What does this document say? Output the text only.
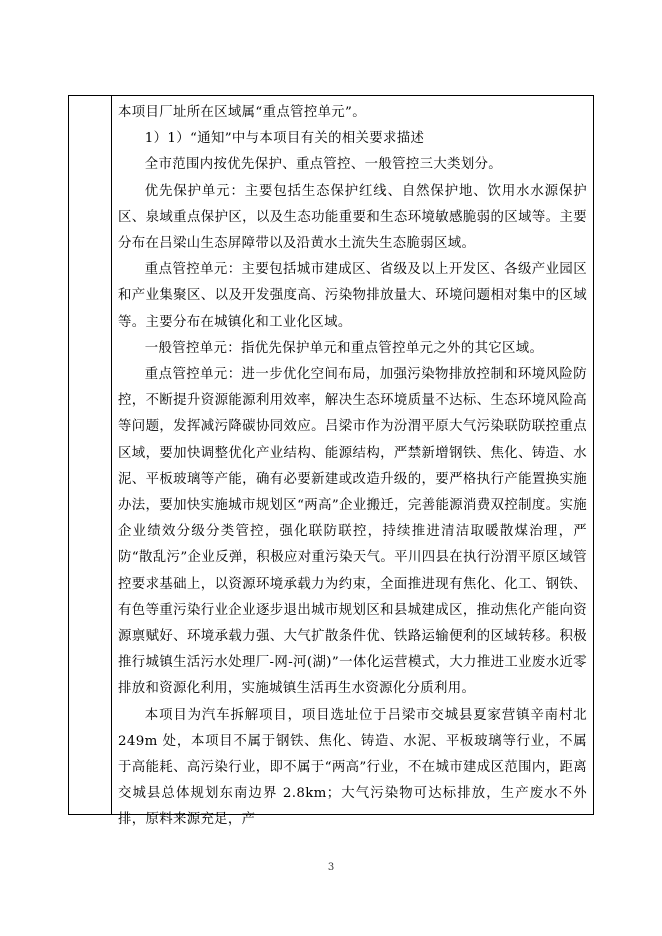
本项目厂址所在区域属“重点管控单元”。

1）1）“通知”中与本项目有关的相关要求描述

全市范围内按优先保护、重点管控、一般管控三大类划分。

优先保护单元：主要包括生态保护红线、自然保护地、饮用水水源保护区、泉域重点保护区，以及生态功能重要和生态环境敏感脆弱的区域等。主要分布在吕梁山生态屏障带以及沿黄水土流失生态脆弱区域。

重点管控单元：主要包括城市建成区、省级及以上开发区、各级产业园区和产业集聚区、以及开发强度高、污染物排放量大、环境问题相对集中的区域等。主要分布在城镇化和工业化区域。

一般管控单元：指优先保护单元和重点管控单元之外的其它区域。

重点管控单元：进一步优化空间布局，加强污染物排放控制和环境风险防控，不断提升资源能源利用效率，解决生态环境质量不达标、生态环境风险高等问题，发挥减污降碳协同效应。吕梁市作为汾渭平原大气污染联防联控重点区域，要加快调整优化产业结构、能源结构，严禁新增钢铁、焦化、铸造、水泥、平板玻璃等产能，确有必要新建或改造升级的，要严格执行产能置换实施办法，要加快实施城市规划区“两高”企业搬迁，完善能源消费双控制度。实施企业绩效分级分类管控，强化联防联控，持续推进清洁取暖散煤治理，严防“散乱污”企业反弹，积极应对重污染天气。平川四县在执行汾渭平原区域管控要求基础上，以资源环境承载力为约束，全面推进现有焦化、化工、钢铁、有色等重污染行业企业逐步退出城市规划区和县城建成区，推动焦化产能向资源禀赋好、环境承载力强、大气扩散条件优、铁路运输便利的区域转移。积极推行城镇生活污水处理厂-网-河(湖)”一体化运营模式，大力推进工业废水近零排放和资源化利用，实施城镇生活再生水资源化分质利用。

本项目为汽车拆解项目，项目选址位于吕梁市交城县夏家营镇辛南村北 249m 处，本项目不属于钢铁、焦化、铸造、水泥、平板玻璃等行业，不属于高能耗、高污染行业，即不属于“两高”行业，不在城市建成区范围内，距离交城县总体规划东南边界 2.8km；大气污染物可达标排放，生产废水不外排，原料来源充足，产

3
